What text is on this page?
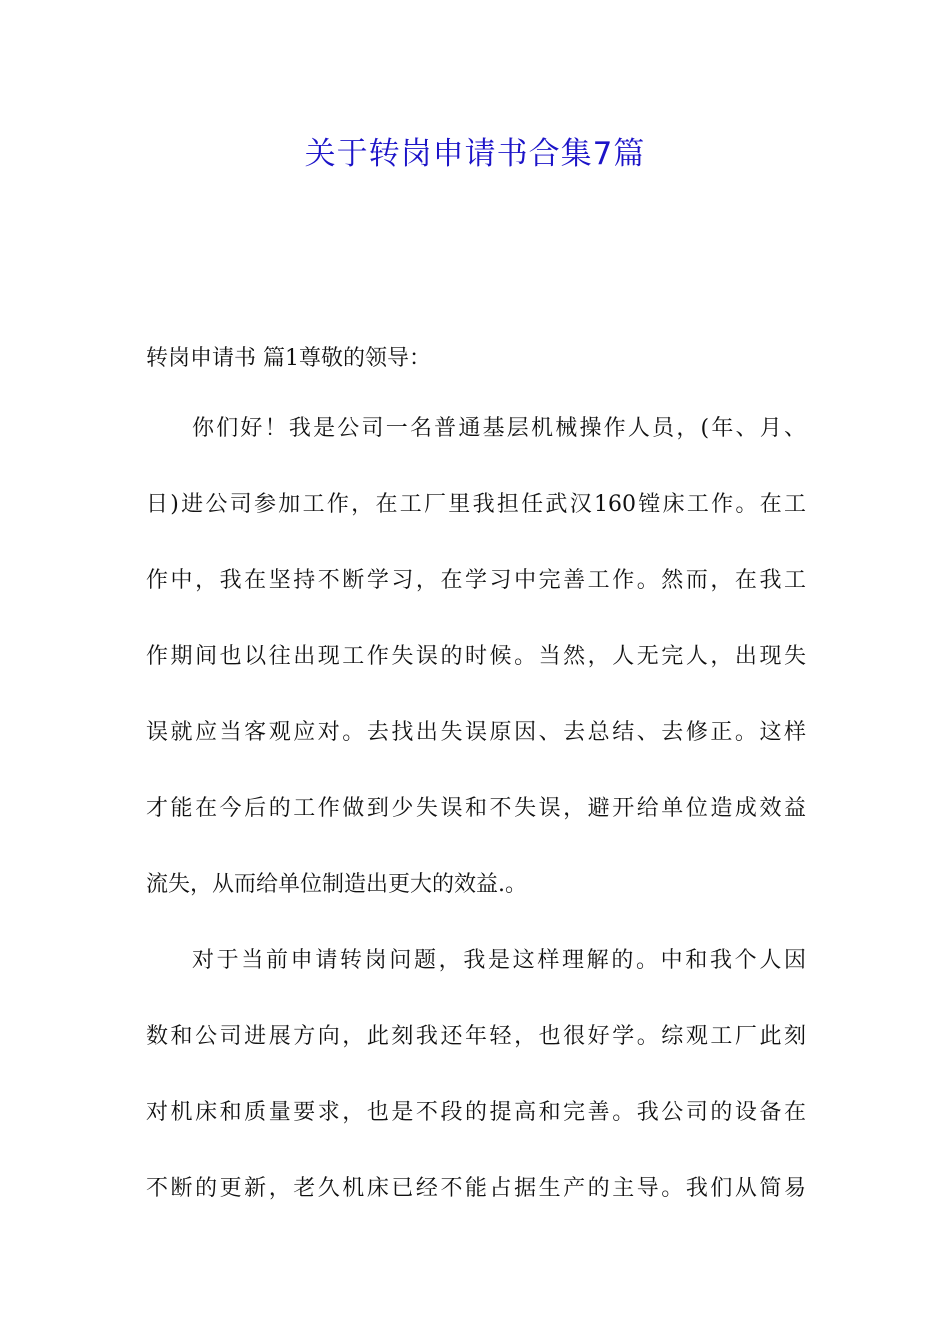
关于转岗申请书合集7篇

转岗申请书 篇1尊敬的领导：

你们好！我是公司一名普通基层机械操作人员，(年、月、
日)进公司参加工作，在工厂里我担任武汉160镗床工作。在工
作中，我在坚持不断学习，在学习中完善工作。然而，在我工
作期间也以往出现工作失误的时候。当然，人无完人，出现失
误就应当客观应对。去找出失误原因、去总结、去修正。这样
才能在今后的工作做到少失误和不失误，避开给单位造成效益
流失，从而给单位制造出更大的效益.。
对于当前申请转岗问题，我是这样理解的。中和我个人因
数和公司进展方向，此刻我还年轻，也很好学。综观工厂此刻
对机床和质量要求，也是不段的提高和完善。我公司的设备在
不断的更新，老久机床已经不能占据生产的主导。我们从简易
